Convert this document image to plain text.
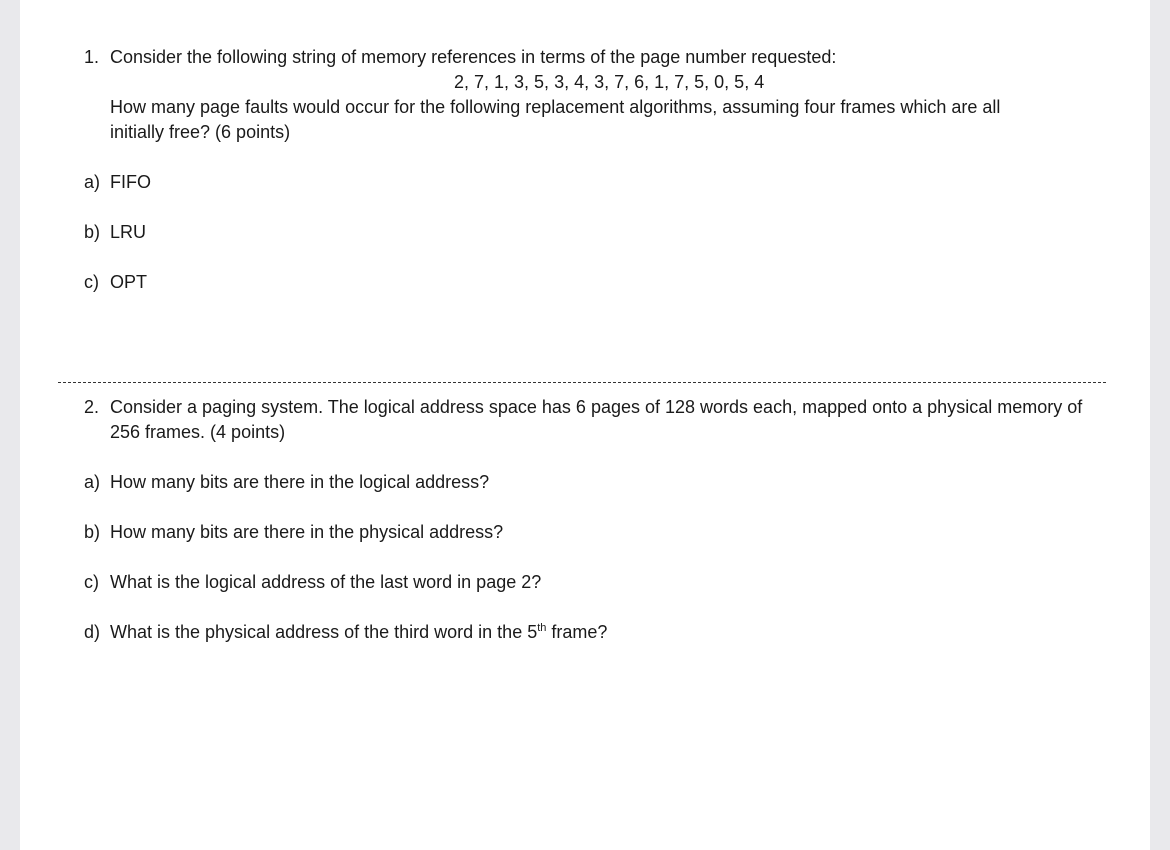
1. Consider the following string of memory references in terms of the page number requested:
2, 7, 1, 3, 5, 3, 4, 3, 7, 6, 1, 7, 5, 0, 5, 4
How many page faults would occur for the following replacement algorithms, assuming four frames which are all
initially free? (6 points)
a) FIFO
b) LRU
c) OPT
2. Consider a paging system. The logical address space has 6 pages of 128 words each, mapped onto a physical memory of
256 frames. (4 points)
a) How many bits are there in the logical address?
b) How many bits are there in the physical address?
c) What is the logical address of the last word in page 2?
d) What is the physical address of the third word in the 5th frame?
